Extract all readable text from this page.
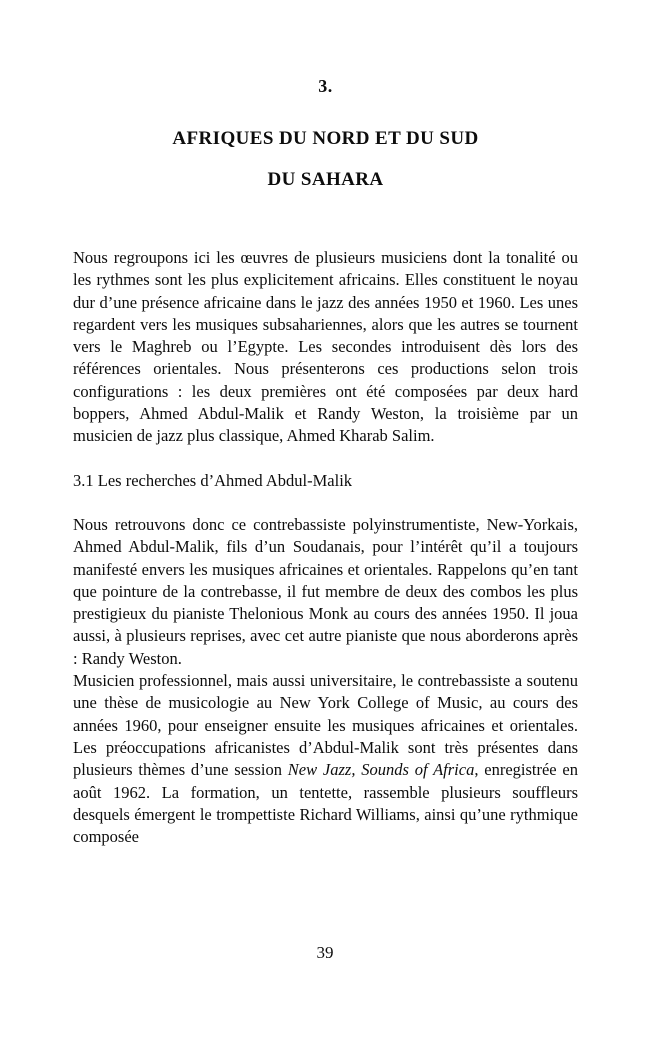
3.
AFRIQUES DU NORD ET DU SUD
DU SAHARA

Nous regroupons ici les œuvres de plusieurs musiciens dont la tonalité ou les rythmes sont les plus explicitement africains. Elles constituent le noyau dur d’une présence africaine dans le jazz des années 1950 et 1960. Les unes regardent vers les musiques subsahariennes, alors que les autres se tournent vers le Maghreb ou l’Egypte. Les secondes introduisent dès lors des références orientales. Nous présenterons ces productions selon trois configurations : les deux premières ont été composées par deux hard boppers, Ahmed Abdul-Malik et Randy Weston, la troisième par un musicien de jazz plus classique, Ahmed Kharab Salim.

3.1 Les recherches d’Ahmed Abdul-Malik

Nous retrouvons donc ce contrebassiste polyinstrumentiste, New-Yorkais, Ahmed Abdul-Malik, fils d’un Soudanais, pour l’intérêt qu’il a toujours manifesté envers les musiques africaines et orientales. Rappelons qu’en tant que pointure de la contrebasse, il fut membre de deux des combos les plus prestigieux du pianiste Thelonious Monk au cours des années 1950. Il joua aussi, à plusieurs reprises, avec cet autre pianiste que nous aborderons après : Randy Weston.

Musicien professionnel, mais aussi universitaire, le contrebassiste a soutenu une thèse de musicologie au New York College of Music, au cours des années 1960, pour enseigner ensuite les musiques africaines et orientales. Les préoccupations africanistes d’Abdul-Malik sont très présentes dans plusieurs thèmes d’une session New Jazz, Sounds of Africa, enregistrée en août 1962. La formation, un tentette, rassemble plusieurs souffleurs desquels émergent le trompettiste Richard Williams, ainsi qu’une rythmique composée

39
